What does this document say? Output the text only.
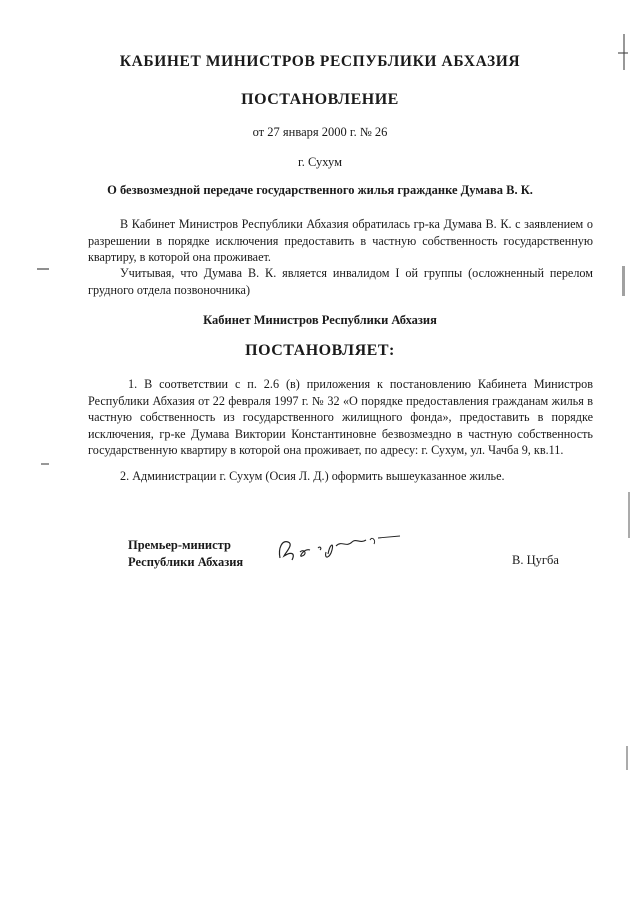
КАБИНЕТ МИНИСТРОВ РЕСПУБЛИКИ АБХАЗИЯ
ПОСТАНОВЛЕНИЕ
от 27 января 2000 г. № 26
г. Сухум
О безвозмездной передаче государственного жилья гражданке Думава В. К.
В Кабинет Министров Республики Абхазия обратилась гр-ка Думава В. К. с заявлением о разрешении в порядке исключения предоставить в частную собственность государственную квартиру, в которой она проживает.
Учитывая, что Думава В. К. является инвалидом I ой группы (осложненный перелом грудного отдела позвоночника)
Кабинет Министров Республики Абхазия
ПОСТАНОВЛЯЕТ:
1. В соответствии с п. 2.6 (в) приложения к постановлению Кабинета Министров Республики Абхазия от 22 февраля 1997 г. № 32 «О порядке предоставления гражданам жилья в частную собственность из государственного жилищного фонда», предоставить в порядке исключения, гр-ке Думава Виктории Константиновне безвозмездно в частную собственность государственную квартиру в которой она проживает, по адресу: г. Сухум, ул. Чачба 9, кв.11.
2. Администрации г. Сухум (Осия Л. Д.) оформить вышеуказанное жилье.
Премьер-министр
Республики Абхазия	В. Цугба
